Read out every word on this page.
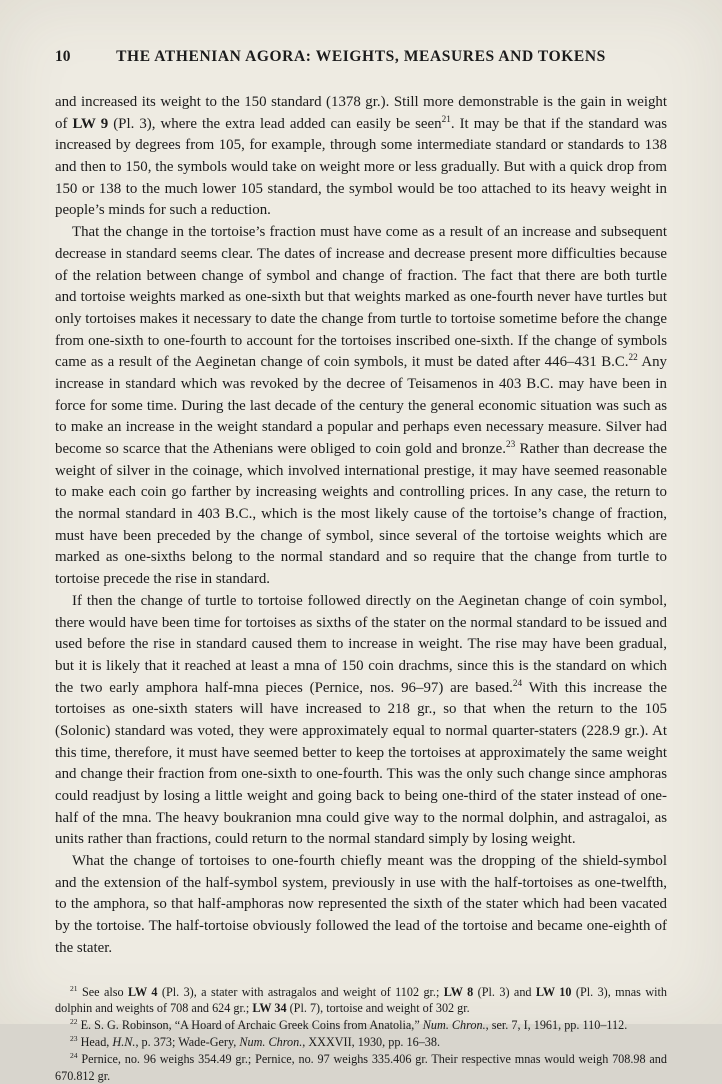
10	THE ATHENIAN AGORA: WEIGHTS, MEASURES AND TOKENS

and increased its weight to the 150 standard (1378 gr.). Still more demonstrable is the gain in weight of LW 9 (Pl. 3), where the extra lead added can easily be seen$^{21}$. It may be that if the standard was increased by degrees from 105, for example, through some intermediate standard or standards to 138 and then to 150, the symbols would take on weight more or less gradually. But with a quick drop from 150 or 138 to the much lower 105 standard, the symbol would be too attached to its heavy weight in people’s minds for such a reduction.

That the change in the tortoise’s fraction must have come as a result of an increase and subsequent decrease in standard seems clear. The dates of increase and decrease present more difficulties because of the relation between change of symbol and change of fraction. The fact that there are both turtle and tortoise weights marked as one-sixth but that weights marked as one-fourth never have turtles but only tortoises makes it necessary to date the change from turtle to tortoise sometime before the change from one-sixth to one-fourth to account for the tortoises inscribed one-sixth. If the change of symbols came as a result of the Aeginetan change of coin symbols, it must be dated after 446–431 B.C.$^{22}$ Any increase in standard which was revoked by the decree of Teisamenos in 403 B.C. may have been in force for some time. During the last decade of the century the general economic situation was such as to make an increase in the weight standard a popular and perhaps even necessary measure. Silver had become so scarce that the Athenians were obliged to coin gold and bronze.$^{23}$ Rather than decrease the weight of silver in the coinage, which involved international prestige, it may have seemed reasonable to make each coin go farther by increasing weights and controlling prices. In any case, the return to the normal standard in 403 B.C., which is the most likely cause of the tortoise’s change of fraction, must have been preceded by the change of symbol, since several of the tortoise weights which are marked as one-sixths belong to the normal standard and so require that the change from turtle to tortoise precede the rise in standard.

If then the change of turtle to tortoise followed directly on the Aeginetan change of coin symbol, there would have been time for tortoises as sixths of the stater on the normal standard to be issued and used before the rise in standard caused them to increase in weight. The rise may have been gradual, but it is likely that it reached at least a mna of 150 coin drachms, since this is the standard on which the two early amphora half-mna pieces (Pernice, nos. 96–97) are based.$^{24}$ With this increase the tortoises as one-sixth staters will have increased to 218 gr., so that when the return to the 105 (Solonic) standard was voted, they were approximately equal to normal quarter-staters (228.9 gr.). At this time, therefore, it must have seemed better to keep the tortoises at approximately the same weight and change their fraction from one-sixth to one-fourth. This was the only such change since amphoras could readjust by losing a little weight and going back to being one-third of the stater instead of one-half of the mna. The heavy boukranion mna could give way to the normal dolphin, and astragaloi, as units rather than fractions, could return to the normal standard simply by losing weight.

What the change of tortoises to one-fourth chiefly meant was the dropping of the shield-symbol and the extension of the half-symbol system, previously in use with the half-tortoises as one-twelfth, to the amphora, so that half-amphoras now represented the sixth of the stater which had been vacated by the tortoise. The half-tortoise obviously followed the lead of the tortoise and became one-eighth of the stater.

$^{21}$ See also LW 4 (Pl. 3), a stater with astragalos and weight of 1102 gr.; LW 8 (Pl. 3) and LW 10 (Pl. 3), mnas with dolphin and weights of 708 and 624 gr.; LW 34 (Pl. 7), tortoise and weight of 302 gr.

$^{22}$ E. S. G. Robinson, “A Hoard of Archaic Greek Coins from Anatolia,” Num. Chron., ser. 7, I, 1961, pp. 110–112.

$^{23}$ Head, H.N., p. 373; Wade-Gery, Num. Chron., XXXVII, 1930, pp. 16–38.

$^{24}$ Pernice, no. 96 weighs 354.49 gr.; Pernice, no. 97 weighs 335.406 gr. Their respective mnas would weigh 708.98 and 670.812 gr.
